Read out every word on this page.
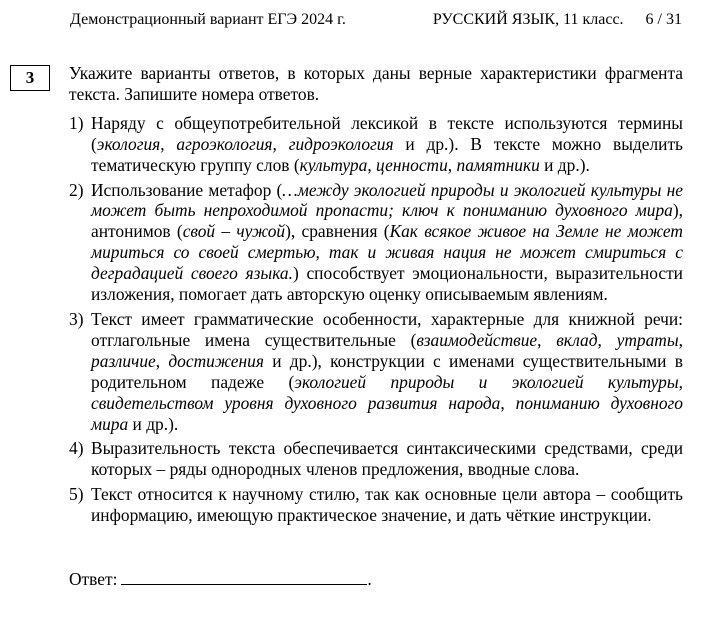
Демонстрационный вариант ЕГЭ 2024 г.	РУССКИЙ ЯЗЫК, 11 класс. 6 / 31
3	Укажите варианты ответов, в которых даны верные характеристики фрагмента текста. Запишите номера ответов.
1) Наряду с общеупотребительной лексикой в тексте используются термины (экология, агроэкология, гидроэкология и др.). В тексте можно выделить тематическую группу слов (культура, ценности, памятники и др.).
2) Использование метафор (…между экологией природы и экологией культуры не может быть непроходимой пропасти; ключ к пониманию духовного мира), антонимов (свой – чужой), сравнения (Как всякое живое на Земле не может мириться со своей смертью, так и живая нация не может смириться с деградацией своего языка.) способствует эмоциональности, выразительности изложения, помогает дать авторскую оценку описываемым явлениям.
3) Текст имеет грамматические особенности, характерные для книжной речи: отглагольные имена существительные (взаимодействие, вклад, утраты, различие, достижения и др.), конструкции с именами существительными в родительном падеже (экологией природы и экологией культуры, свидетельством уровня духовного развития народа, пониманию духовного мира и др.).
4) Выразительность текста обеспечивается синтаксическими средствами, среди которых – ряды однородных членов предложения, вводные слова.
5) Текст относится к научному стилю, так как основные цели автора – сообщить информацию, имеющую практическое значение, и дать чёткие инструкции.
Ответ:	.
